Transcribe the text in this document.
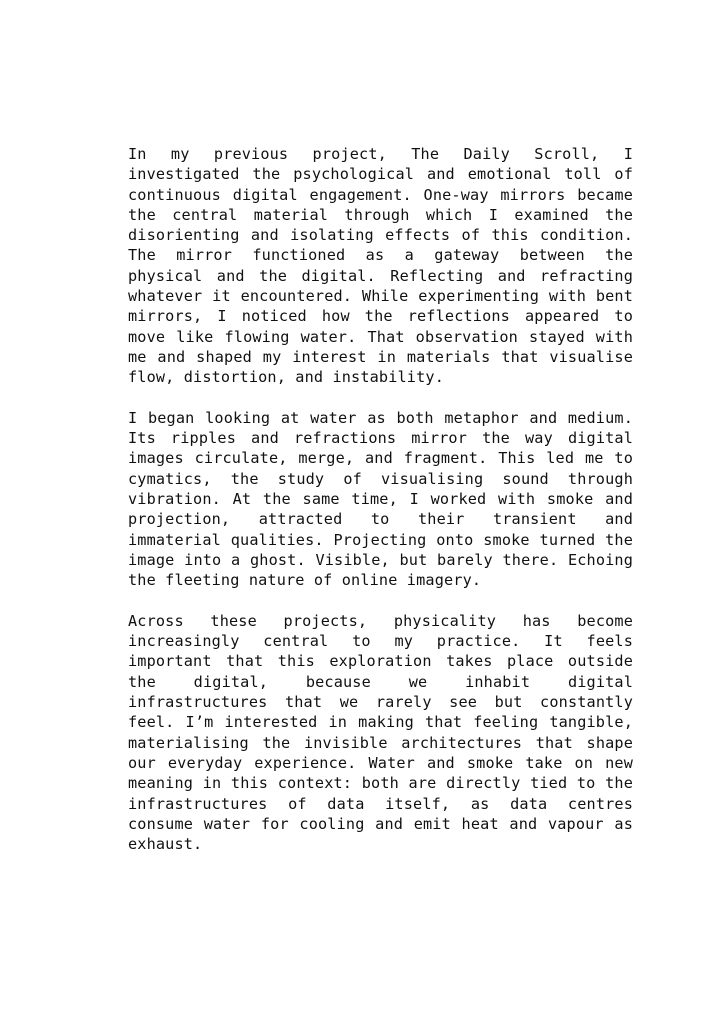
In my previous project, The Daily Scroll, I investigated the psychological and emotional toll of continuous digital engagement. One-way mirrors became the central material through which I examined the disorienting and isolating effects of this condition. The mirror functioned as a gateway between the physical and the digital. Reflecting and refracting whatever it encountered. While experimenting with bent mirrors, I noticed how the reflections appeared to move like flowing water. That observation stayed with me and shaped my interest in materials that visualise flow, distortion, and instability.

I began looking at water as both metaphor and medium. Its ripples and refractions mirror the way digital images circulate, merge, and fragment. This led me to cymatics, the study of visualising sound through vibration. At the same time, I worked with smoke and projection, attracted to their transient and immaterial qualities. Projecting onto smoke turned the image into a ghost. Visible, but barely there. Echoing the fleeting nature of online imagery.

Across these projects, physicality has become increasingly central to my practice. It feels important that this exploration takes place outside the digital, because we inhabit digital infrastructures that we rarely see but constantly feel. I’m interested in making that feeling tangible, materialising the invisible architectures that shape our everyday experience. Water and smoke take on new meaning in this context: both are directly tied to the infrastructures of data itself, as data centres consume water for cooling and emit heat and vapour as exhaust.
